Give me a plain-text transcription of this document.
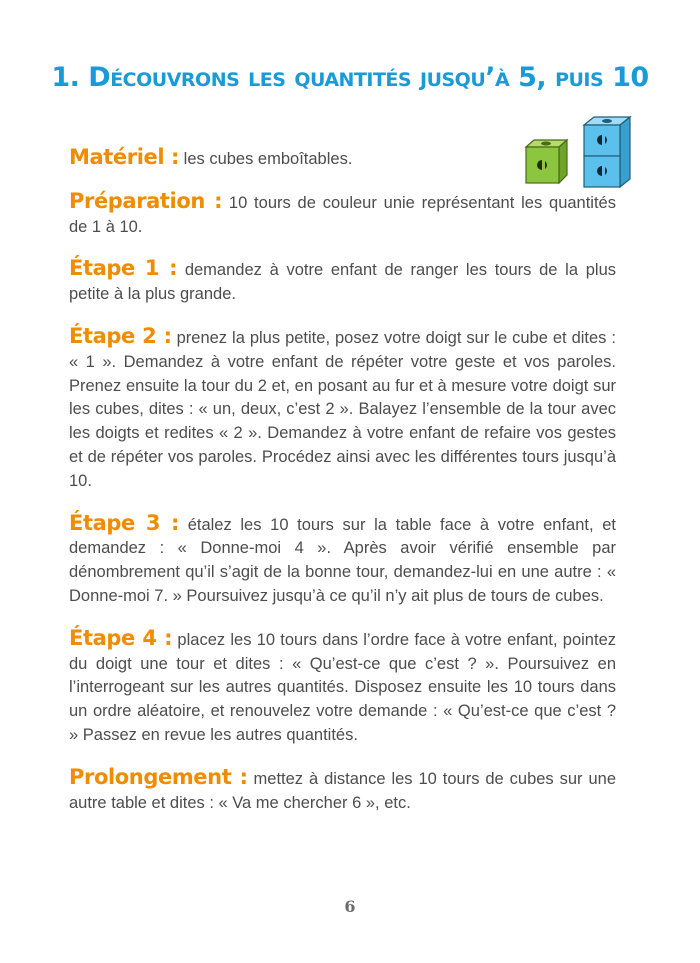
1. Découvrons les quantités jusqu’à 5, puis 10

Matériel : les cubes emboîtables.

Préparation : 10 tours de couleur unie représentant les quantités de 1 à 10.

Étape 1 : demandez à votre enfant de ranger les tours de la plus petite à la plus grande.

Étape 2 : prenez la plus petite, posez votre doigt sur le cube et dites : « 1 ». Demandez à votre enfant de répéter votre geste et vos paroles. Prenez ensuite la tour du 2 et, en posant au fur et à mesure votre doigt sur les cubes, dites : « un, deux, c’est 2 ». Balayez l’ensemble de la tour avec les doigts et redites « 2 ». Demandez à votre enfant de refaire vos gestes et de répéter vos paroles. Procédez ainsi avec les différentes tours jusqu’à 10.

Étape 3 : étalez les 10 tours sur la table face à votre enfant, et demandez : « Donne-moi 4 ». Après avoir vérifié ensemble par dénombrement qu’il s’agit de la bonne tour, demandez-lui en une autre : « Donne-moi 7. » Poursuivez jusqu’à ce qu’il n’y ait plus de tours de cubes.

Étape 4 : placez les 10 tours dans l’ordre face à votre enfant, pointez du doigt une tour et dites : « Qu’est-ce que c’est ? ». Poursuivez en l’interrogeant sur les autres quantités. Disposez ensuite les 10 tours dans un ordre aléatoire, et renouvelez votre demande : « Qu’est-ce que c’est ? » Passez en revue les autres quantités.

Prolongement : mettez à distance les 10 tours de cubes sur une autre table et dites : « Va me chercher 6 », etc.

6
